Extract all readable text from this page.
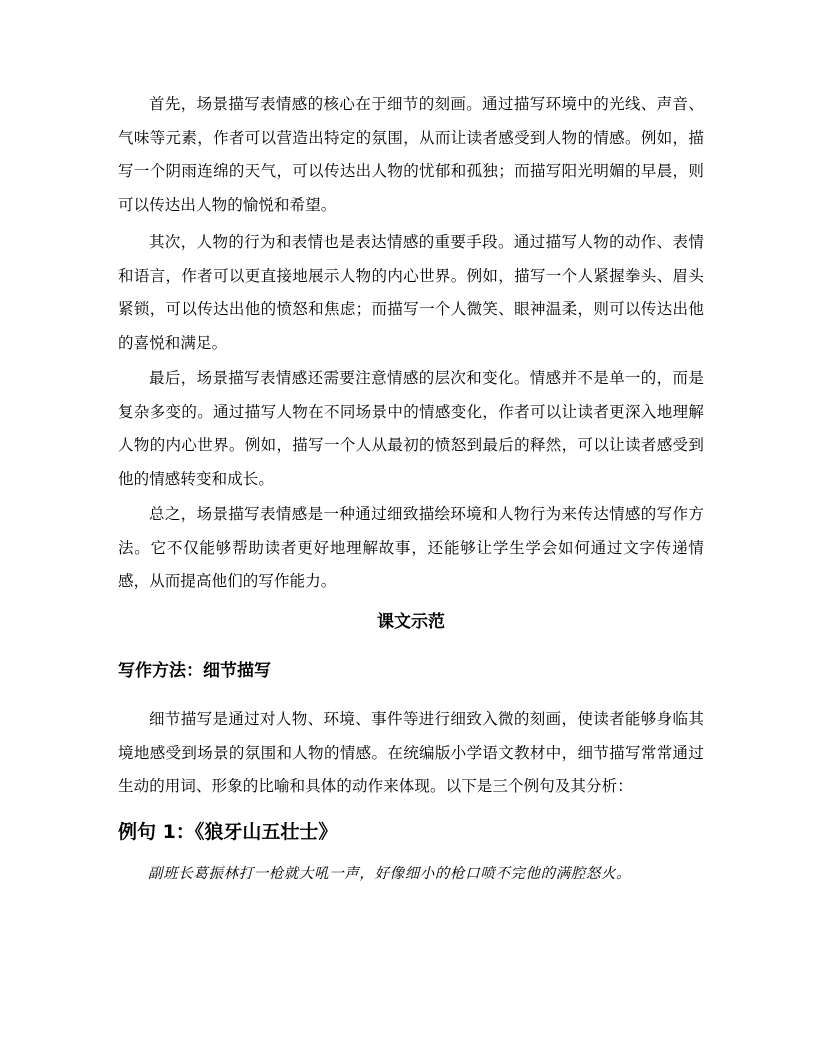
首先，场景描写表情感的核心在于细节的刻画。通过描写环境中的光线、声音、气味等元素，作者可以营造出特定的氛围，从而让读者感受到人物的情感。例如，描写一个阴雨连绵的天气，可以传达出人物的忧郁和孤独；而描写阳光明媚的早晨，则可以传达出人物的愉悦和希望。

其次，人物的行为和表情也是表达情感的重要手段。通过描写人物的动作、表情和语言，作者可以更直接地展示人物的内心世界。例如，描写一个人紧握拳头、眉头紧锁，可以传达出他的愤怒和焦虑；而描写一个人微笑、眼神温柔，则可以传达出他的喜悦和满足。

最后，场景描写表情感还需要注意情感的层次和变化。情感并不是单一的，而是复杂多变的。通过描写人物在不同场景中的情感变化，作者可以让读者更深入地理解人物的内心世界。例如，描写一个人从最初的愤怒到最后的释然，可以让读者感受到他的情感转变和成长。

总之，场景描写表情感是一种通过细致描绘环境和人物行为来传达情感的写作方法。它不仅能够帮助读者更好地理解故事，还能够让学生学会如何通过文字传递情感，从而提高他们的写作能力。

课文示范
写作方法：细节描写

细节描写是通过对人物、环境、事件等进行细致入微的刻画，使读者能够身临其境地感受到场景的氛围和人物的情感。在统编版小学语文教材中，细节描写常常通过生动的用词、形象的比喻和具体的动作来体现。以下是三个例句及其分析：

例句 1：《狼牙山五壮士》

副班长葛振林打一枪就大吼一声，好像细小的枪口喷不完他的满腔怒火。
